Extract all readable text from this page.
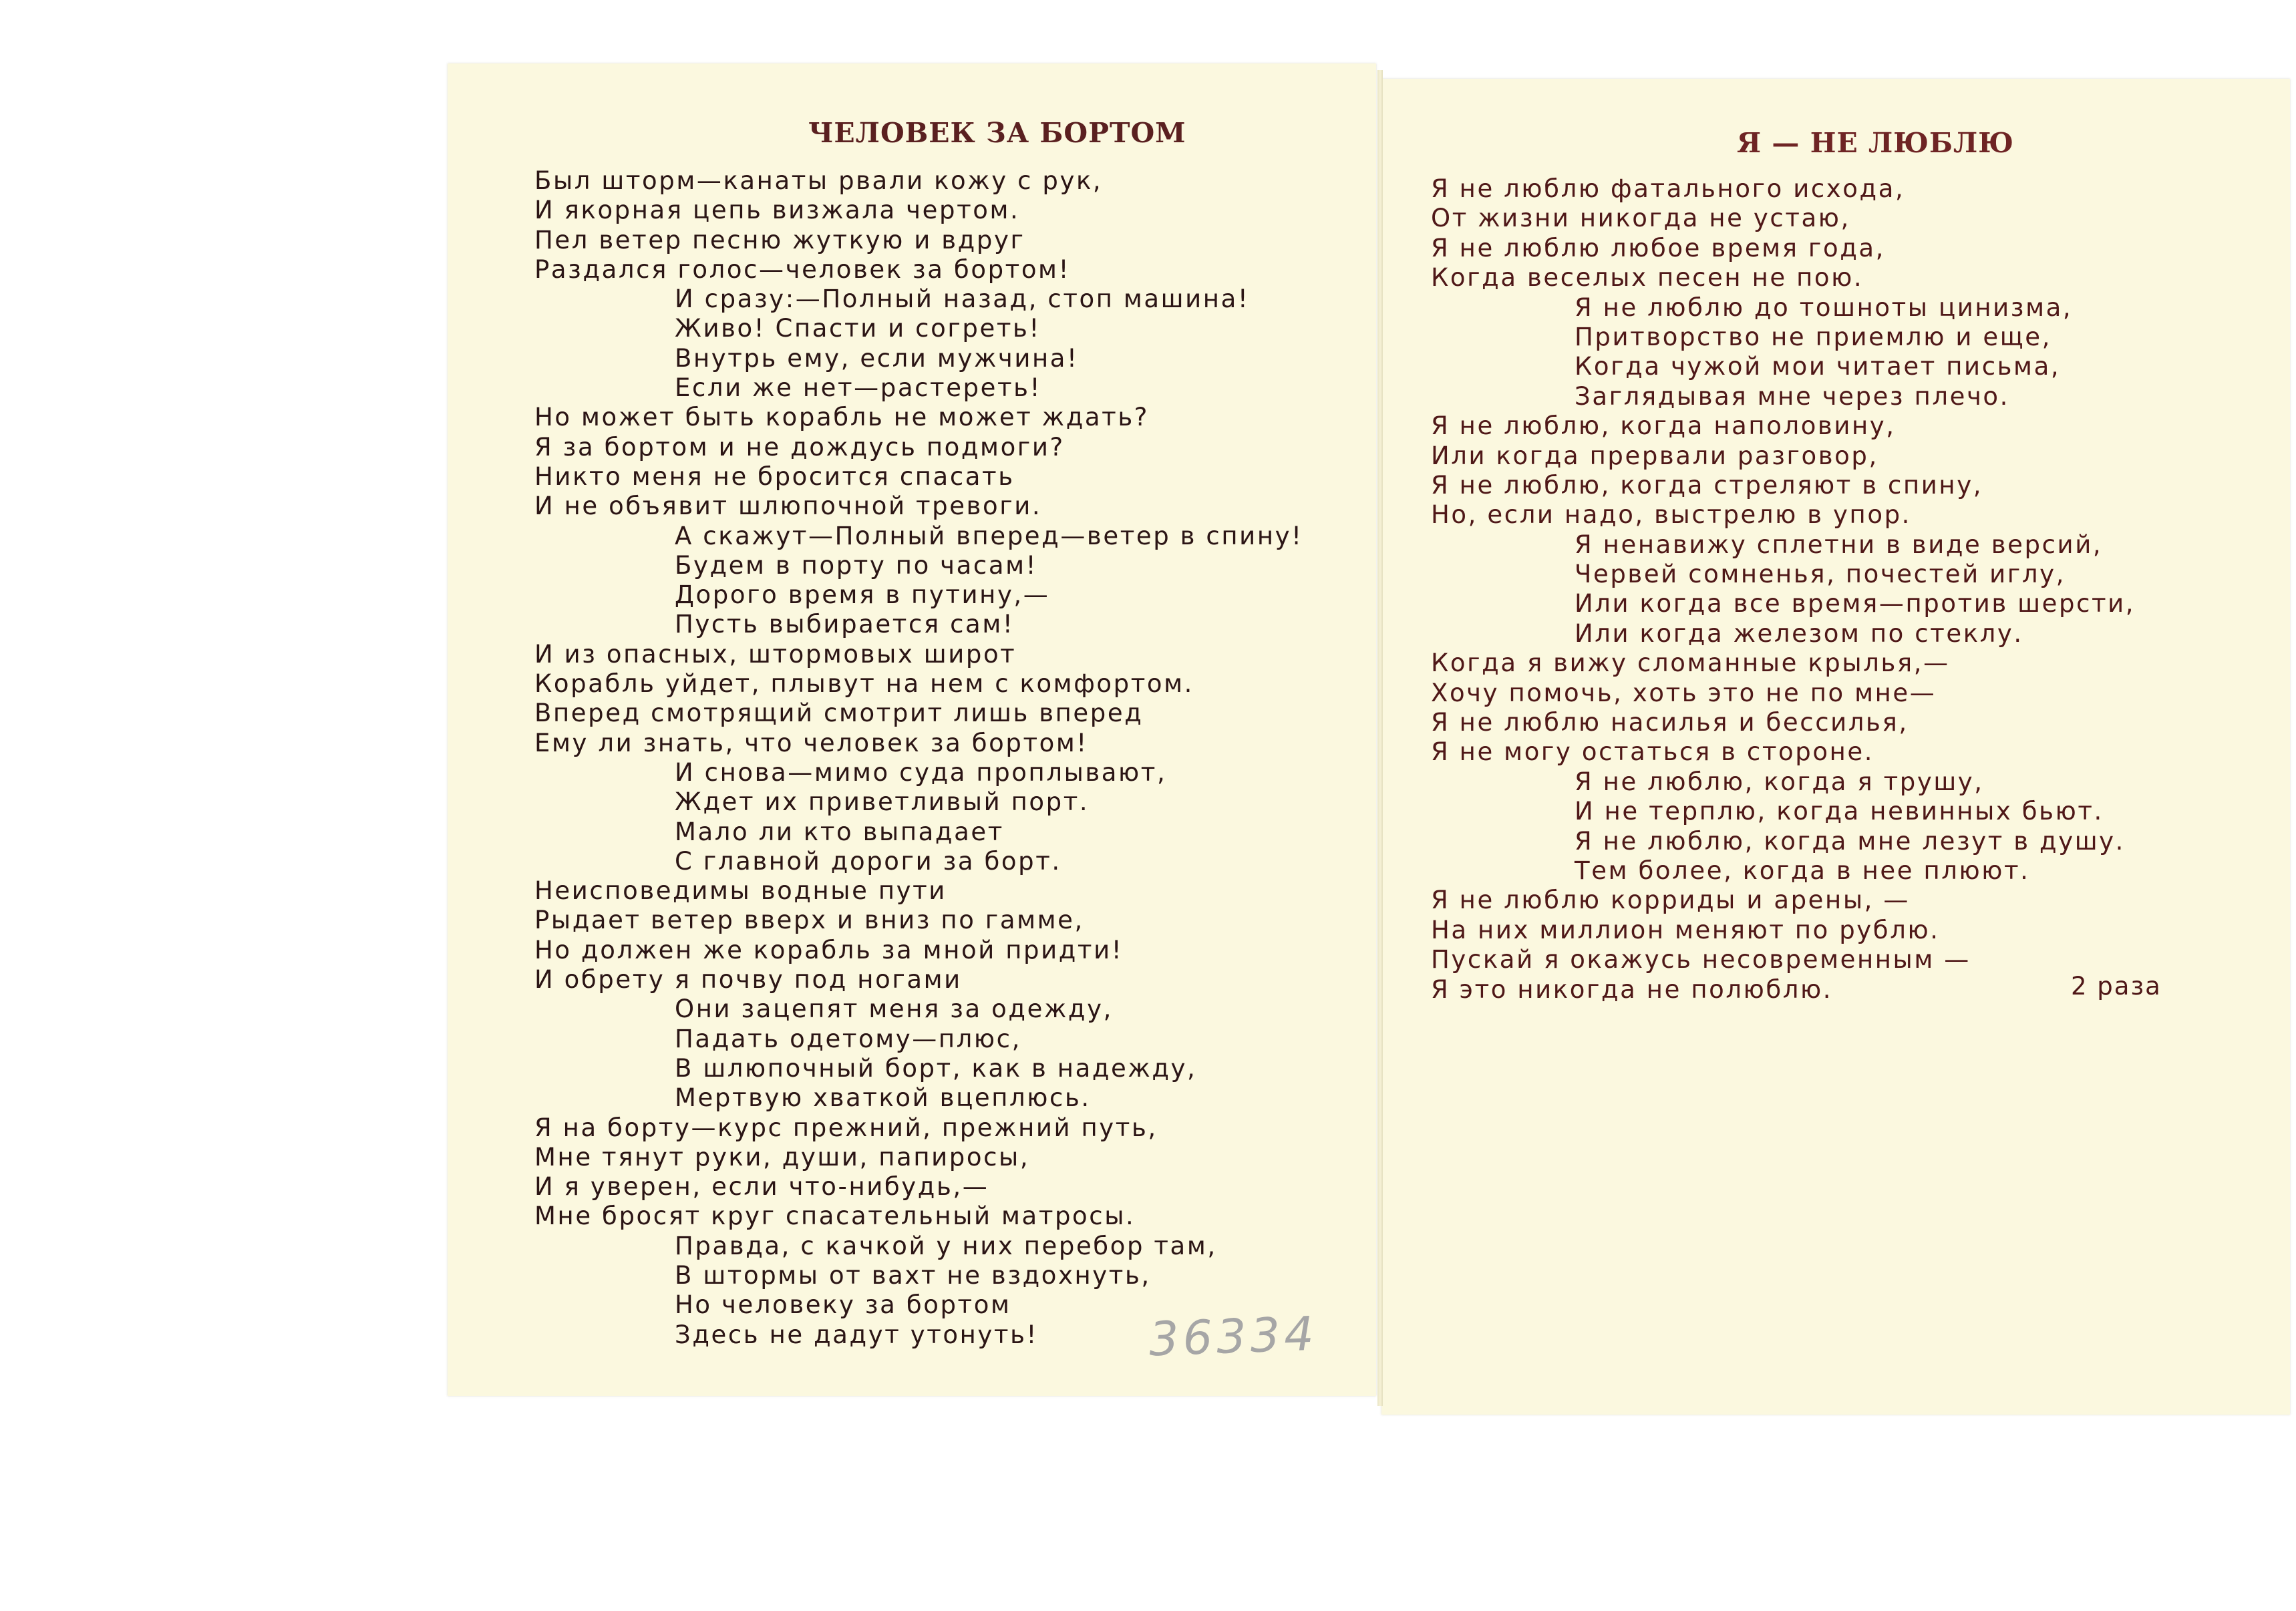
ЧЕЛОВЕК ЗА БОРТОМ
Был шторм—канаты рвали кожу с рук,
И якорная цепь визжала чертом.
Пел ветер песню жуткую и вдруг
Раздался голос—человек за бортом!
И сразу:—Полный назад, стоп машина!
Живо! Спасти и согреть!
Внутрь ему, если мужчина!
Если же нет—растереть!
Но может быть корабль не может ждать?
Я за бортом и не дождусь подмоги?
Никто меня не бросится спасать
И не объявит шлюпочной тревоги.
А скажут—Полный вперед—ветер в спину!
Будем в порту по часам!
Дорого время в путину,—
Пусть выбирается сам!
И из опасных, штормовых широт
Корабль уйдет, плывут на нем с комфортом.
Вперед смотрящий смотрит лишь вперед
Ему ли знать, что человек за бортом!
И снова—мимо суда проплывают,
Ждет их приветливый порт.
Мало ли кто выпадает
С главной дороги за борт.
Неисповедимы водные пути
Рыдает ветер вверх и вниз по гамме,
Но должен же корабль за мной придти!
И обрету я почву под ногами
Они зацепят меня за одежду,
Падать одетому—плюс,
В шлюпочный борт, как в надежду,
Мертвую хваткой вцеплюсь.
Я на борту—курс прежний, прежний путь,
Мне тянут руки, души, папиросы,
И я уверен, если что-нибудь,—
Мне бросят круг спасательный матросы.
Правда, с качкой у них перебор там,
В штормы от вахт не вздохнуть,
Но человеку за бортом
Здесь не дадут утонуть!	36334
Я — НЕ ЛЮБЛЮ
Я не люблю фатального исхода,
От жизни никогда не устаю,
Я не люблю любое время года,
Когда веселых песен не пою.
Я не люблю до тошноты цинизма,
Притворство не приемлю и еще,
Когда чужой мои читает письма,
Заглядывая мне через плечо.
Я не люблю, когда наполовину,
Или когда прервали разговор,
Я не люблю, когда стреляют в спину,
Но, если надо, выстрелю в упор.
Я ненавижу сплетни в виде версий,
Червей сомненья, почестей иглу,
Или когда все время—против шерсти,
Или когда железом по стеклу.
Когда я вижу сломанные крылья,—
Хочу помочь, хоть это не по мне—
Я не люблю насилья и бессилья,
Я не могу остаться в стороне.
Я не люблю, когда я трушу,
И не терплю, когда невинных бьют.
Я не люблю, когда мне лезут в душу.
Тем более, когда в нее плюют.
Я не люблю корриды и арены, —
На них миллион меняют по рублю.
Пускай я окажусь несовременным —
Я это никогда не полюблю.	2 раза
